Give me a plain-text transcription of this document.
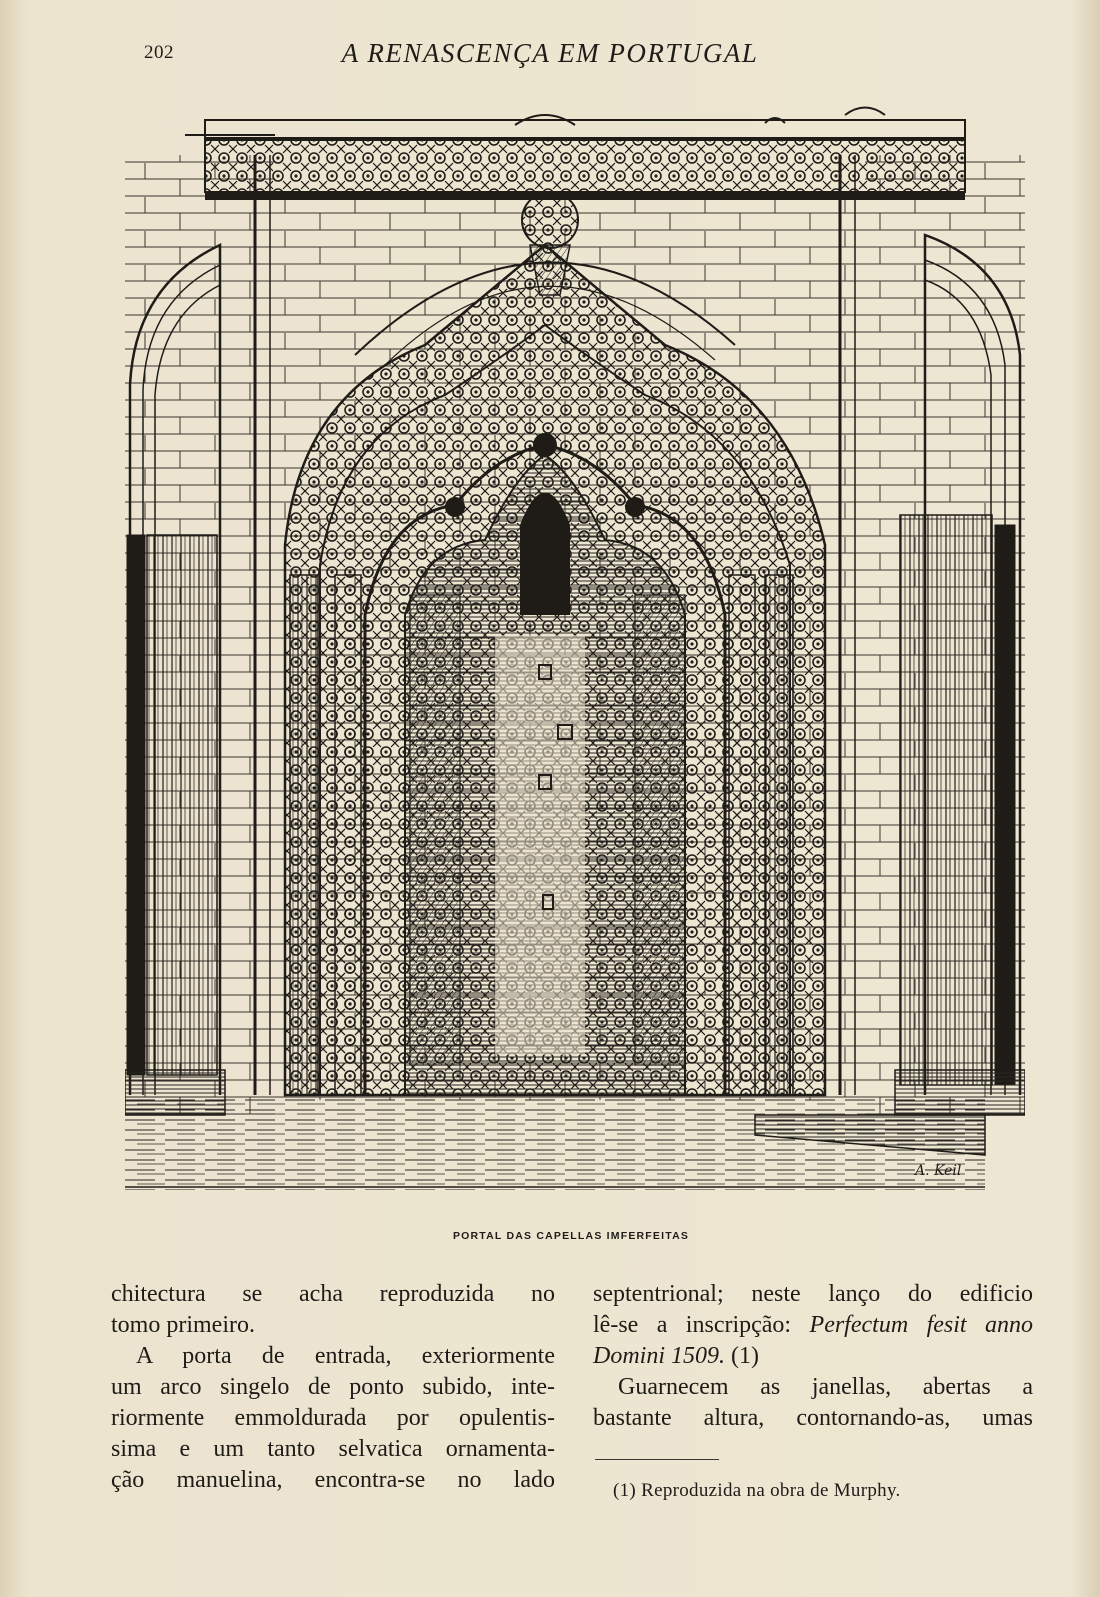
202	A RENASCENÇA EM PORTUGAL
A. Keil
PORTAL DAS CAPELLAS IMFERFEITAS
chitectura se acha reproduzida no
tomo primeiro.
A porta de entrada, exteriormente
um arco singelo de ponto subido, inte-
riormente emmoldurada por opulentis-
sima e um tanto selvatica ornamenta-
ção manuelina, encontra-se no lado
septentrional; neste lanço do edificio
lê-se a inscripção: Perfectum fesit anno
Domini 1509. (1)
Guarnecem as janellas, abertas a
bastante altura, contornando-as, umas
(1) Reproduzida na obra de Murphy.
